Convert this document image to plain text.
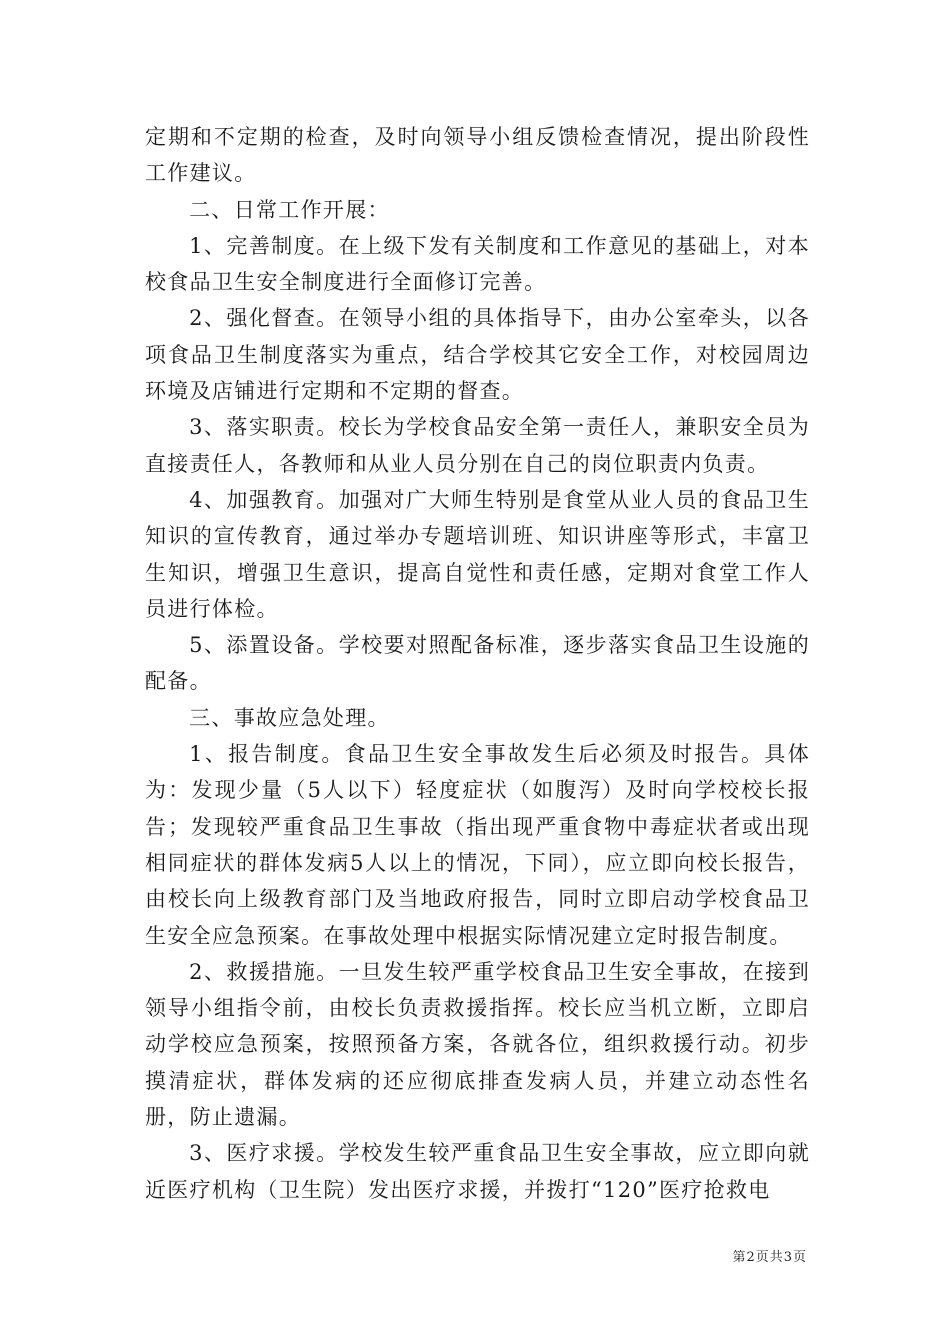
定期和不定期的检查，及时向领导小组反馈检查情况，提出阶段性工作建议。

二、日常工作开展：

1、完善制度。在上级下发有关制度和工作意见的基础上，对本校食品卫生安全制度进行全面修订完善。

2、强化督查。在领导小组的具体指导下，由办公室牵头，以各项食品卫生制度落实为重点，结合学校其它安全工作，对校园周边环境及店铺进行定期和不定期的督查。

3、落实职责。校长为学校食品安全第一责任人，兼职安全员为直接责任人，各教师和从业人员分别在自己的岗位职责内负责。

4、加强教育。加强对广大师生特别是食堂从业人员的食品卫生知识的宣传教育，通过举办专题培训班、知识讲座等形式，丰富卫生知识，增强卫生意识，提高自觉性和责任感，定期对食堂工作人员进行体检。

5、添置设备。学校要对照配备标准，逐步落实食品卫生设施的配备。

三、事故应急处理。

1、报告制度。食品卫生安全事故发生后必须及时报告。具体为：发现少量（5人以下）轻度症状（如腹泻）及时向学校校长报告；发现较严重食品卫生事故（指出现严重食物中毒症状者或出现相同症状的群体发病5人以上的情况，下同），应立即向校长报告，由校长向上级教育部门及当地政府报告，同时立即启动学校食品卫生安全应急预案。在事故处理中根据实际情况建立定时报告制度。

2、救援措施。一旦发生较严重学校食品卫生安全事故，在接到领导小组指令前，由校长负责救援指挥。校长应当机立断，立即启动学校应急预案，按照预备方案，各就各位，组织救援行动。初步摸清症状，群体发病的还应彻底排查发病人员，并建立动态性名册，防止遗漏。

3、医疗求援。学校发生较严重食品卫生安全事故，应立即向就近医疗机构（卫生院）发出医疗求援，并拨打“120”医疗抢救电

第2页共3页
